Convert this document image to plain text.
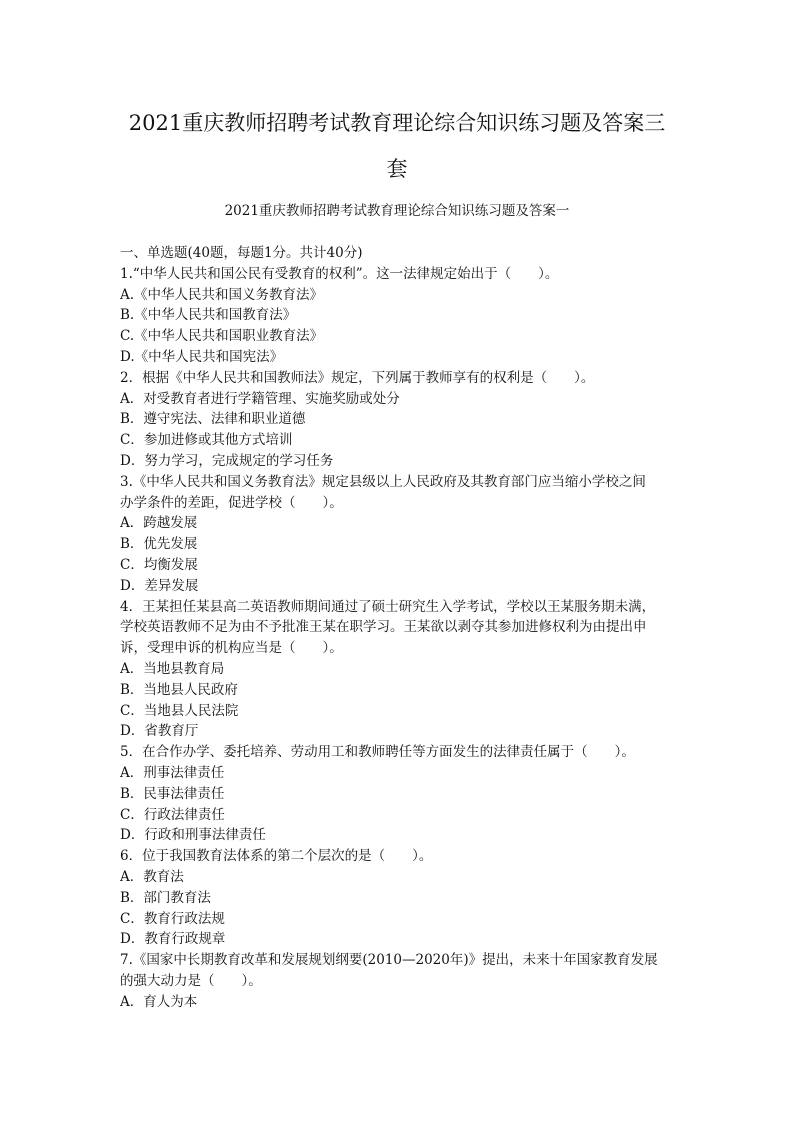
2021重庆教师招聘考试教育理论综合知识练习题及答案三
套

2021重庆教师招聘考试教育理论综合知识练习题及答案一

一、单选题(40题，每题1分。共计40分)

1.“中华人民共和国公民有受教育的权利”。这一法律规定始出于（　　）。

A.《中华人民共和国义务教育法》

B.《中华人民共和国教育法》

C.《中华人民共和国职业教育法》

D.《中华人民共和国宪法》

2．根据《中华人民共和国教师法》规定，下列属于教师享有的权利是（　　）。

A．对受教育者进行学籍管理、实施奖励或处分

B．遵守宪法、法律和职业道德

C．参加进修或其他方式培训

D．努力学习，完成规定的学习任务

3.《中华人民共和国义务教育法》规定县级以上人民政府及其教育部门应当缩小学校之间

办学条件的差距，促进学校（　　）。

A．跨越发展

B．优先发展

C．均衡发展

D．差异发展

4．王某担任某县高二英语教师期间通过了硕士研究生入学考试，学校以王某服务期未满，

学校英语教师不足为由不予批准王某在职学习。王某欲以剥夺其参加进修权利为由提出申

诉，受理申诉的机构应当是（　　）。

A．当地县教育局

B．当地县人民政府

C．当地县人民法院

D．省教育厅

5．在合作办学、委托培养、劳动用工和教师聘任等方面发生的法律责任属于（　　）。

A．刑事法律责任

B．民事法律责任

C．行政法律责任

D．行政和刑事法律责任

6．位于我国教育法体系的第二个层次的是（　　）。

A．教育法

B．部门教育法

C．教育行政法规

D．教育行政规章

7.《国家中长期教育改革和发展规划纲要(2010—2020年)》提出，未来十年国家教育发展

的强大动力是（　　）。

A．育人为本
